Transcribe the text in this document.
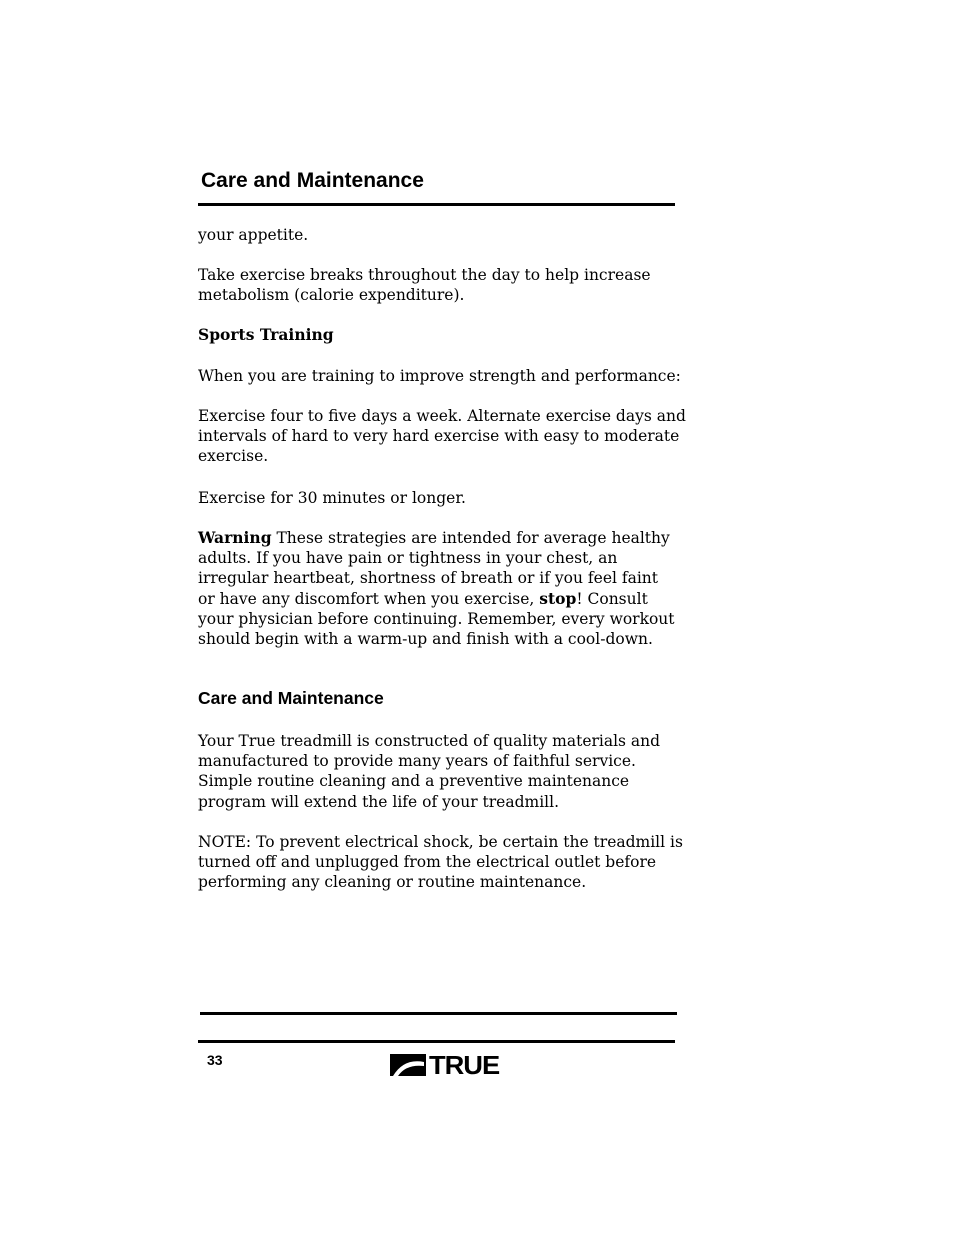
Care and Maintenance
your appetite.
Take exercise breaks throughout the day to help increase
metabolism (calorie expenditure).
Sports Training
When you are training to improve strength and performance:
Exercise four to five days a week. Alternate exercise days and
intervals of hard to very hard exercise with easy to moderate
exercise.
Exercise for 30 minutes or longer.
Warning These strategies are intended for average healthy
adults. If you have pain or tightness in your chest, an
irregular heartbeat, shortness of breath or if you feel faint
or have any discomfort when you exercise, stop! Consult
your physician before continuing. Remember, every workout
should begin with a warm-up and finish with a cool-down.
Care and Maintenance
Your True treadmill is constructed of quality materials and
manufactured to provide many years of faithful service.
Simple routine cleaning and a preventive maintenance
program will extend the life of your treadmill.
NOTE: To prevent electrical shock, be certain the treadmill is
turned off and unplugged from the electrical outlet before
performing any cleaning or routine maintenance.
33	TRUE
